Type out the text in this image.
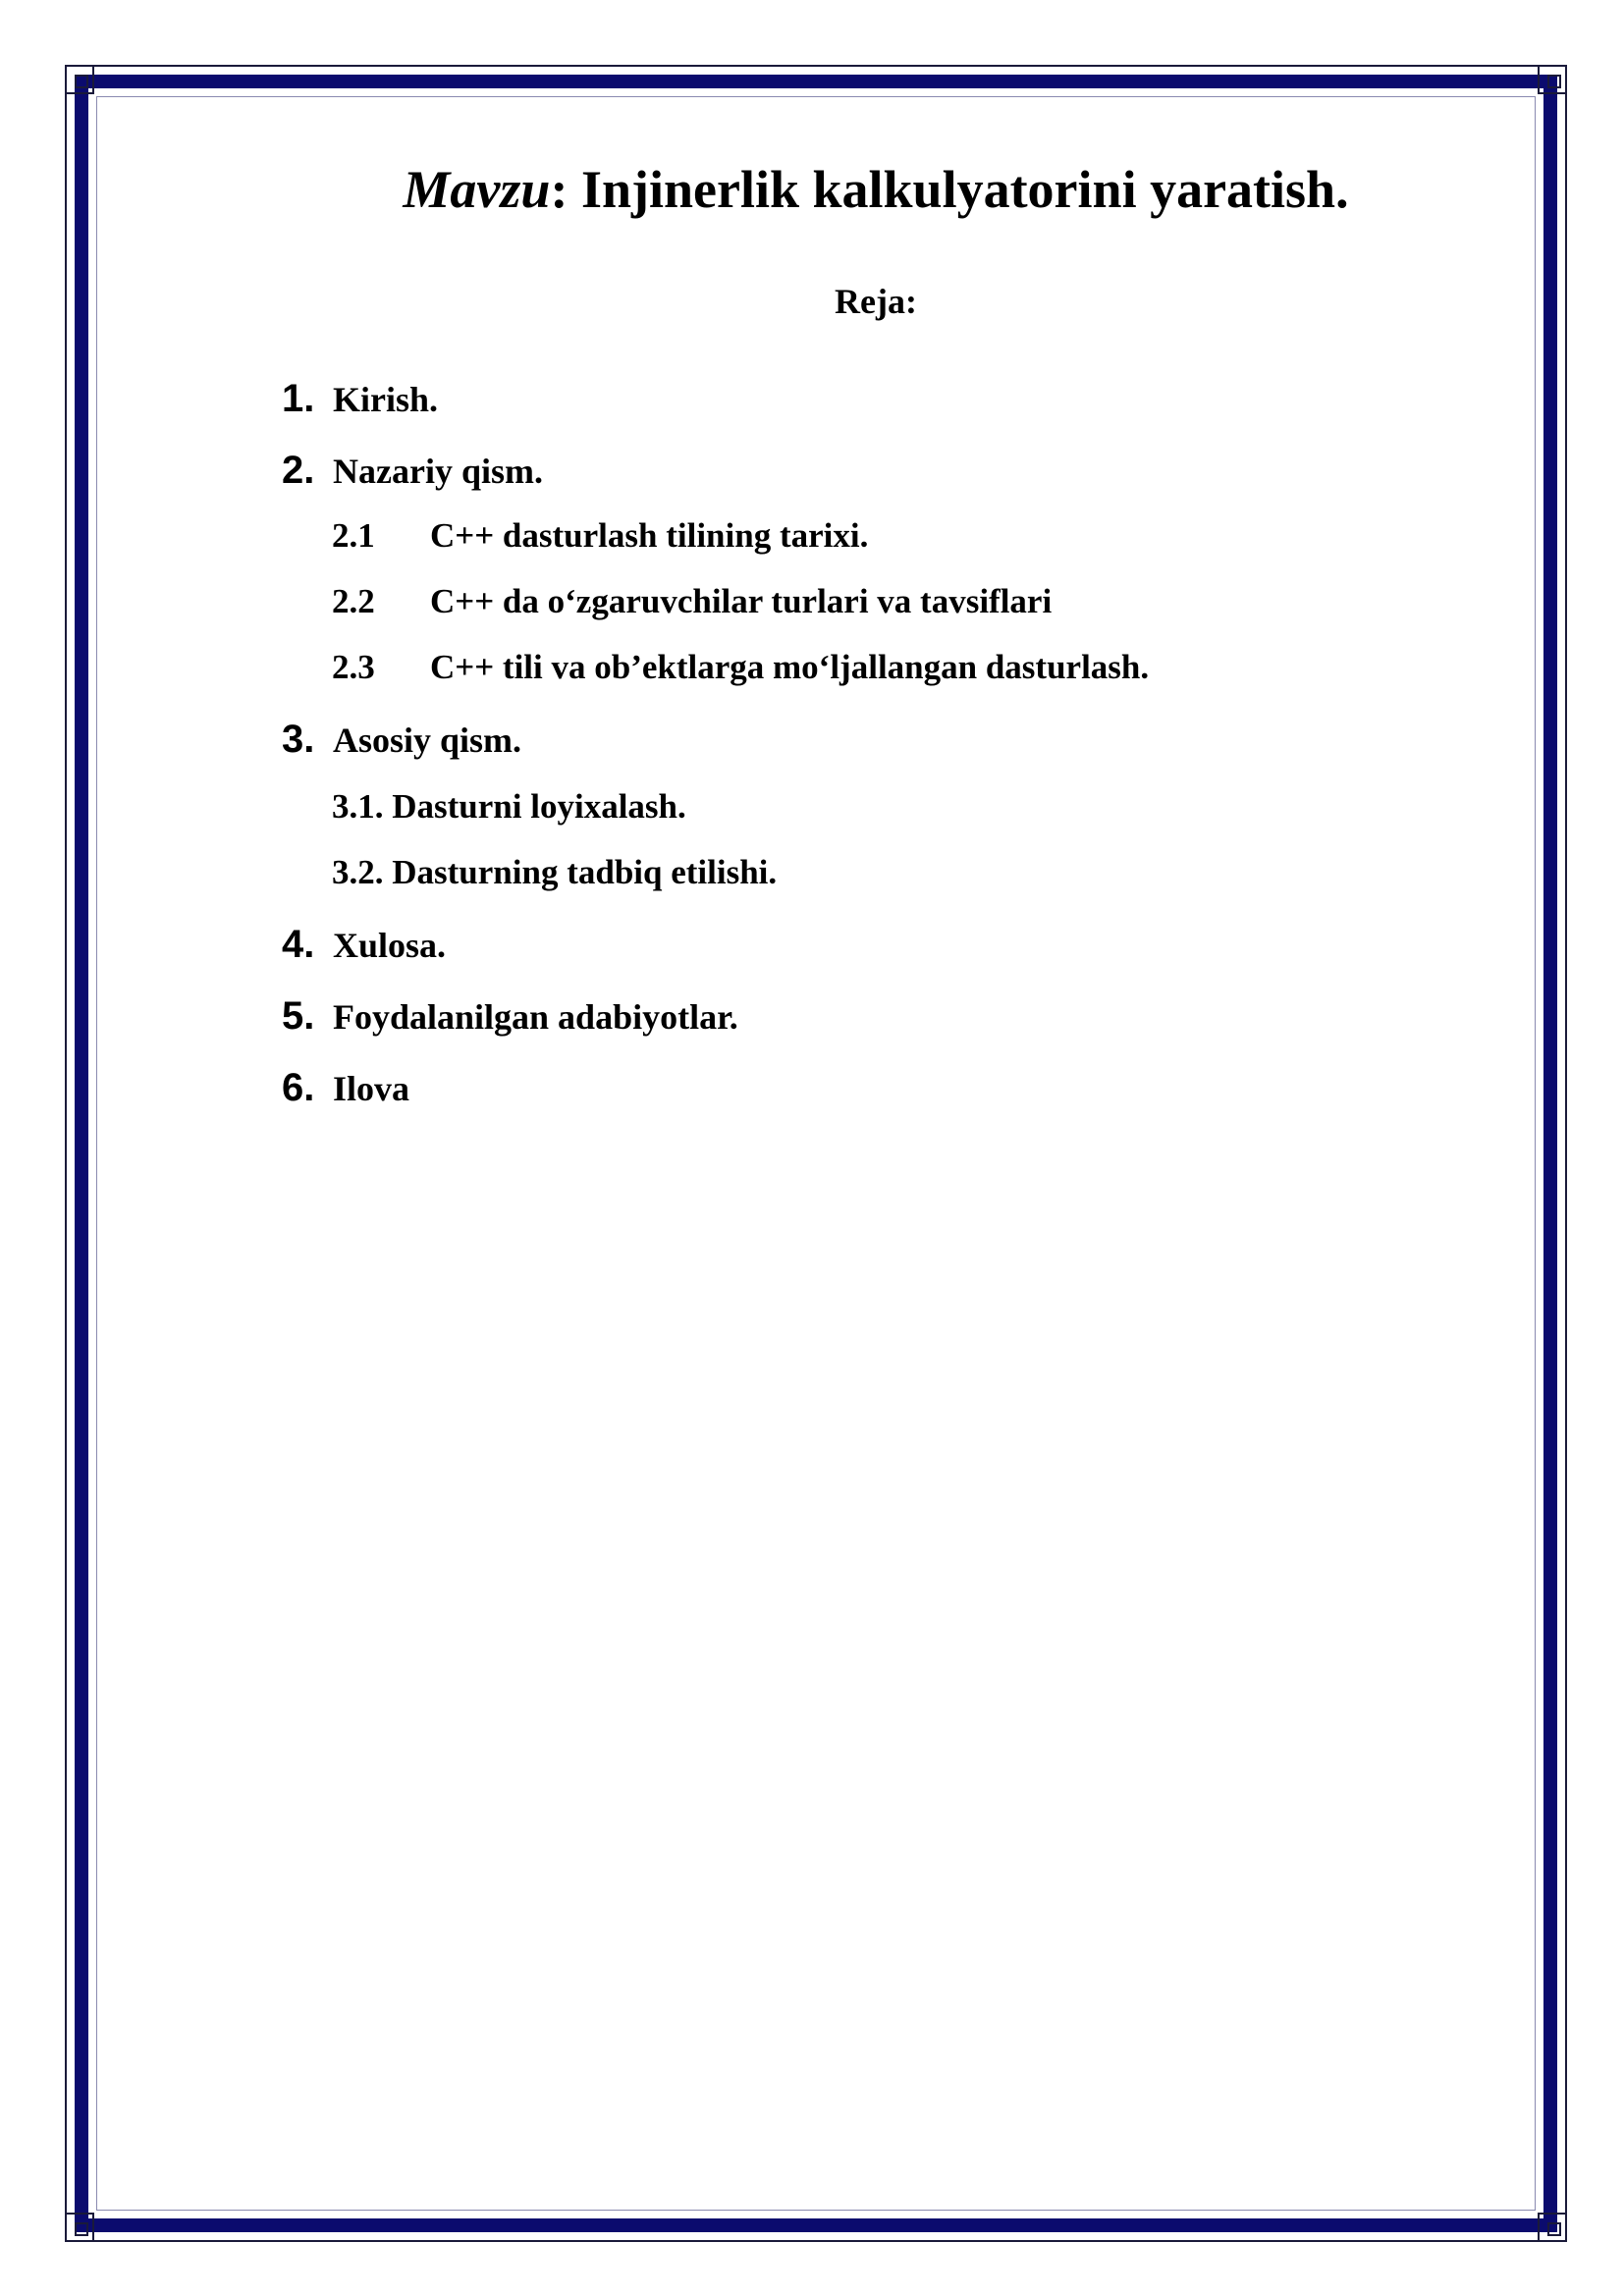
Mavzu: Injinerlik kalkulyatorini yaratish.
Reja:
1. Kirish.
2. Nazariy qism.
2.1 C++ dasturlash tilining tarixi.
2.2 C++ da o‘zgaruvchilar turlari va tavsiflari
2.3 C++ tili va ob’ektlarga mo‘ljallangan dasturlash.
3. Asosiy qism.
3.1. Dasturni loyixalash.
3.2. Dasturning tadbiq etilishi.
4. Xulosa.
5. Foydalanilgan adabiyotlar.
6. Ilova
